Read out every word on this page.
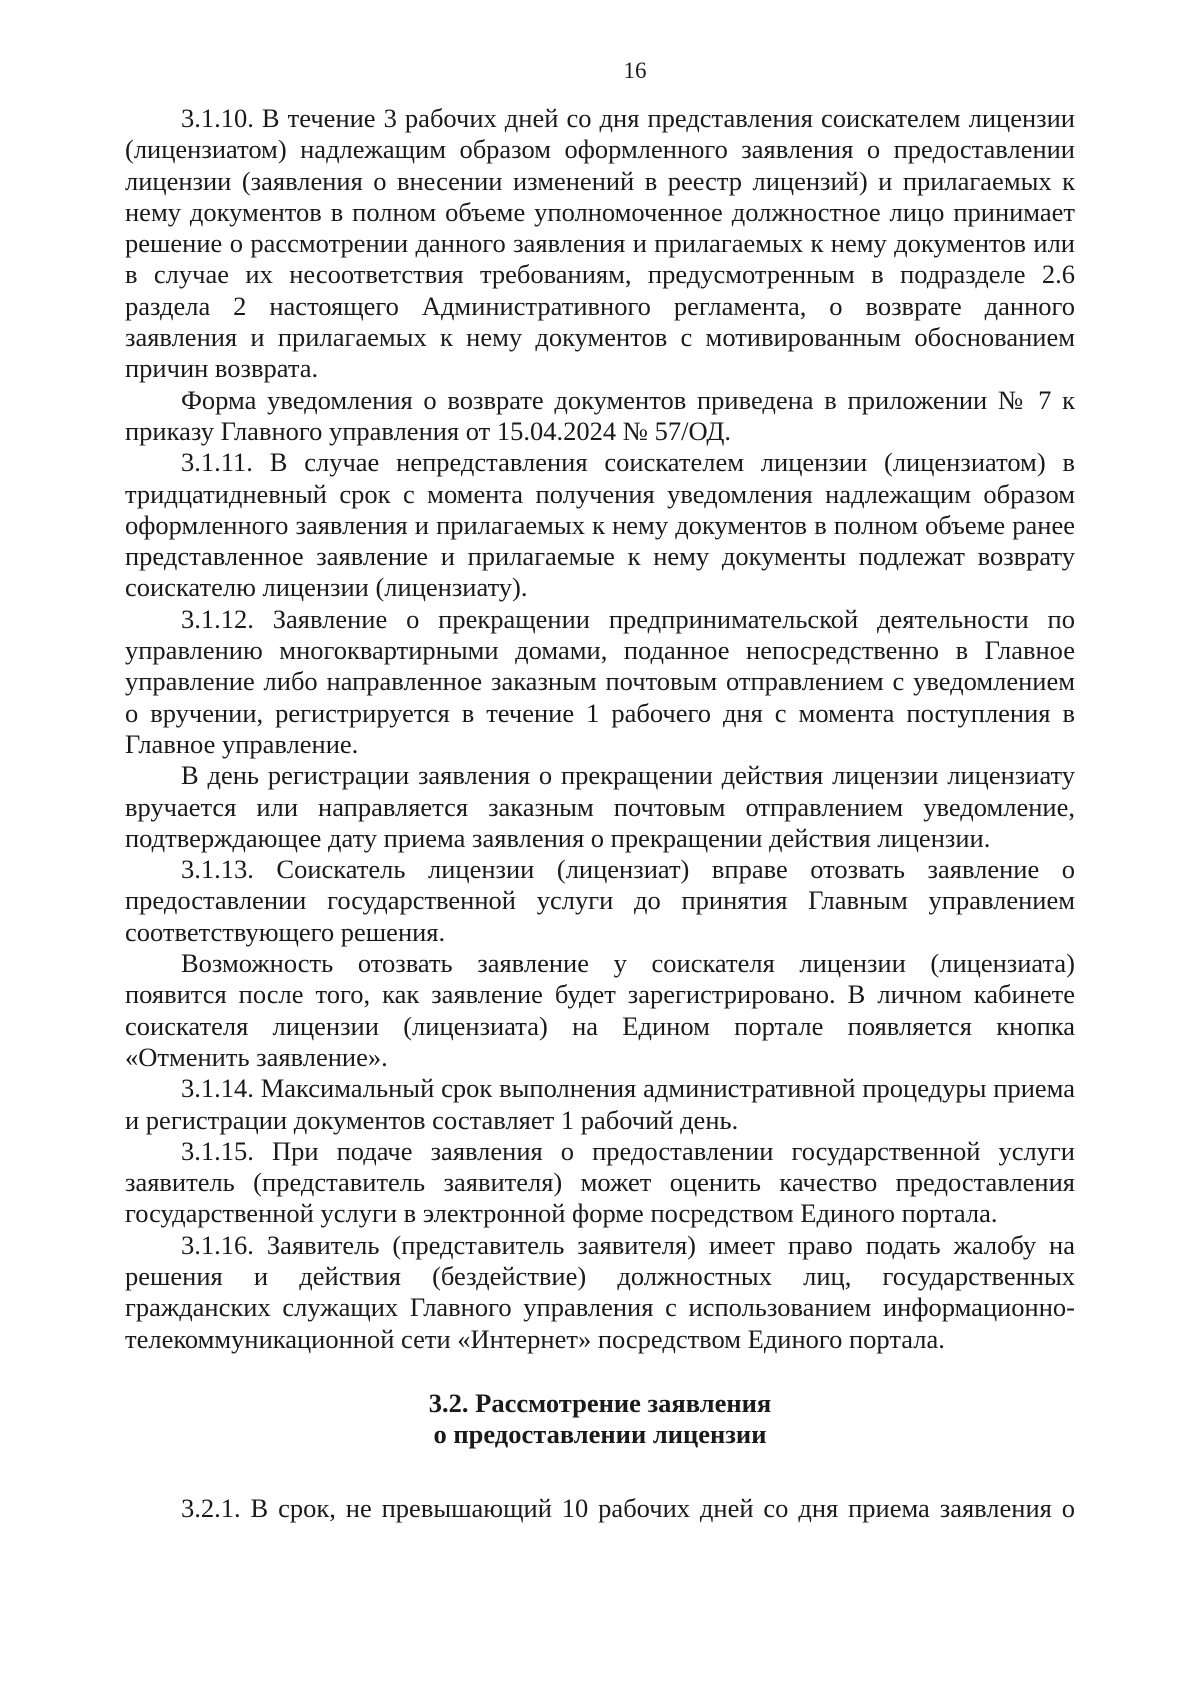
16

3.1.10. В течение 3 рабочих дней со дня представления соискателем лицензии (лицензиатом) надлежащим образом оформленного заявления о предоставлении лицензии (заявления о внесении изменений в реестр лицензий) и прилагаемых к нему документов в полном объеме уполномоченное должностное лицо принимает решение о рассмотрении данного заявления и прилагаемых к нему документов или в случае их несоответствия требованиям, предусмотренным в подразделе 2.6 раздела 2 настоящего Административного регламента, о возврате данного заявления и прилагаемых к нему документов с мотивированным обоснованием причин возврата.

Форма уведомления о возврате документов приведена в приложении № 7 к приказу Главного управления от 15.04.2024 № 57/ОД.

3.1.11. В случае непредставления соискателем лицензии (лицензиатом) в тридцатидневный срок с момента получения уведомления надлежащим образом оформленного заявления и прилагаемых к нему документов в полном объеме ранее представленное заявление и прилагаемые к нему документы подлежат возврату соискателю лицензии (лицензиату).

3.1.12. Заявление о прекращении предпринимательской деятельности по управлению многоквартирными домами, поданное непосредственно в Главное управление либо направленное заказным почтовым отправлением с уведомлением о вручении, регистрируется в течение 1 рабочего дня с момента поступления в Главное управление.

В день регистрации заявления о прекращении действия лицензии лицензиату вручается или направляется заказным почтовым отправлением уведомление, подтверждающее дату приема заявления о прекращении действия лицензии.

3.1.13. Соискатель лицензии (лицензиат) вправе отозвать заявление о предоставлении государственной услуги до принятия Главным управлением соответствующего решения.

Возможность отозвать заявление у соискателя лицензии (лицензиата) появится после того, как заявление будет зарегистрировано. В личном кабинете соискателя лицензии (лицензиата) на Едином портале появляется кнопка «Отменить заявление».

3.1.14. Максимальный срок выполнения административной процедуры приема и регистрации документов составляет 1 рабочий день.

3.1.15. При подаче заявления о предоставлении государственной услуги заявитель (представитель заявителя) может оценить качество предоставления государственной услуги в электронной форме посредством Единого портала.

3.1.16. Заявитель (представитель заявителя) имеет право подать жалобу на решения и действия (бездействие) должностных лиц, государственных гражданских служащих Главного управления с использованием информационно-телекоммуникационной сети «Интернет» посредством Единого портала.

3.2. Рассмотрение заявления
о предоставлении лицензии

3.2.1. В срок, не превышающий 10 рабочих дней со дня приема заявления о
